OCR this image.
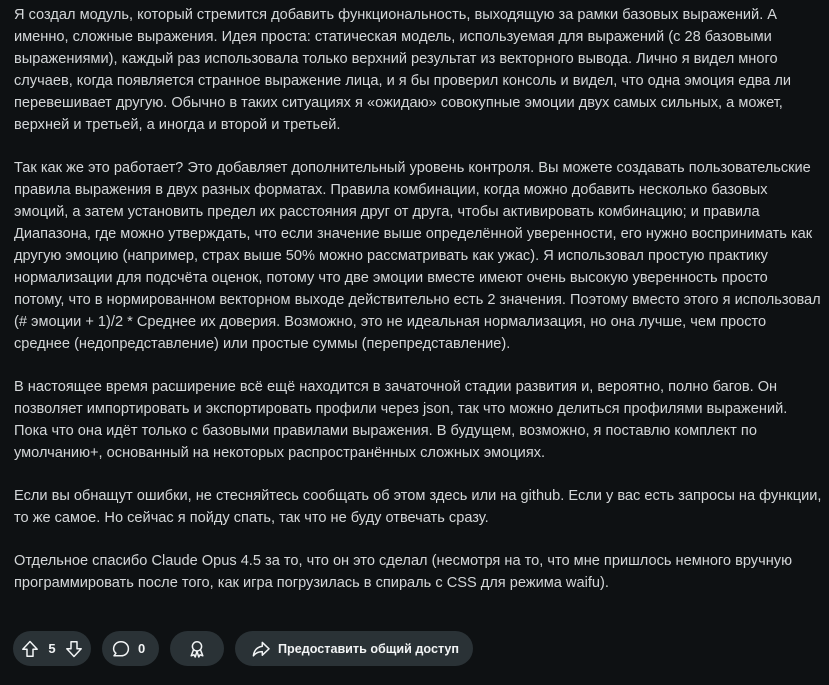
Я создал модуль, который стремится добавить функциональность, выходящую за рамки базовых выражений. А именно, сложные выражения. Идея проста: статическая модель, используемая для выражений (с 28 базовыми выражениями), каждый раз использовала только верхний результат из векторного вывода. Лично я видел много случаев, когда появляется странное выражение лица, и я бы проверил консоль и видел, что одна эмоция едва ли перевешивает другую. Обычно в таких ситуациях я «ожидаю» совокупные эмоции двух самых сильных, а может, верхней и третьей, а иногда и второй и третьей.

Так как же это работает? Это добавляет дополнительный уровень контроля. Вы можете создавать пользовательские правила выражения в двух разных форматах. Правила комбинации, когда можно добавить несколько базовых эмоций, а затем установить предел их расстояния друг от друга, чтобы активировать комбинацию; и правила Диапазона, где можно утверждать, что если значение выше определённой уверенности, его нужно воспринимать как другую эмоцию (например, страх выше 50% можно рассматривать как ужас). Я использовал простую практику нормализации для подсчёта оценок, потому что две эмоции вместе имеют очень высокую уверенность просто потому, что в нормированном векторном выходе действительно есть 2 значения. Поэтому вместо этого я использовал (# эмоции + 1)/2 * Среднее их доверия. Возможно, это не идеальная нормализация, но она лучше, чем просто среднее (недопредставление) или простые суммы (перепредставление).

В настоящее время расширение всё ещё находится в зачаточной стадии развития и, вероятно, полно багов. Он позволяет импортировать и экспортировать профили через json, так что можно делиться профилями выражений. Пока что она идёт только с базовыми правилами выражения. В будущем, возможно, я поставлю комплект по умолчанию+, основанный на некоторых распространённых сложных эмоциях.

Если вы обнащут ошибки, не стесняйтесь сообщать об этом здесь или на github. Если у вас есть запросы на функции, то же самое. Но сейчас я пойду спать, так что не буду отвечать сразу.

Отдельное спасибо Claude Opus 4.5 за то, что он это сделал (несмотря на то, что мне пришлось немного вручную программировать после того, как игра погрузилась в спираль с CSS для режима waifu).

5	0	Предоставить общий доступ
